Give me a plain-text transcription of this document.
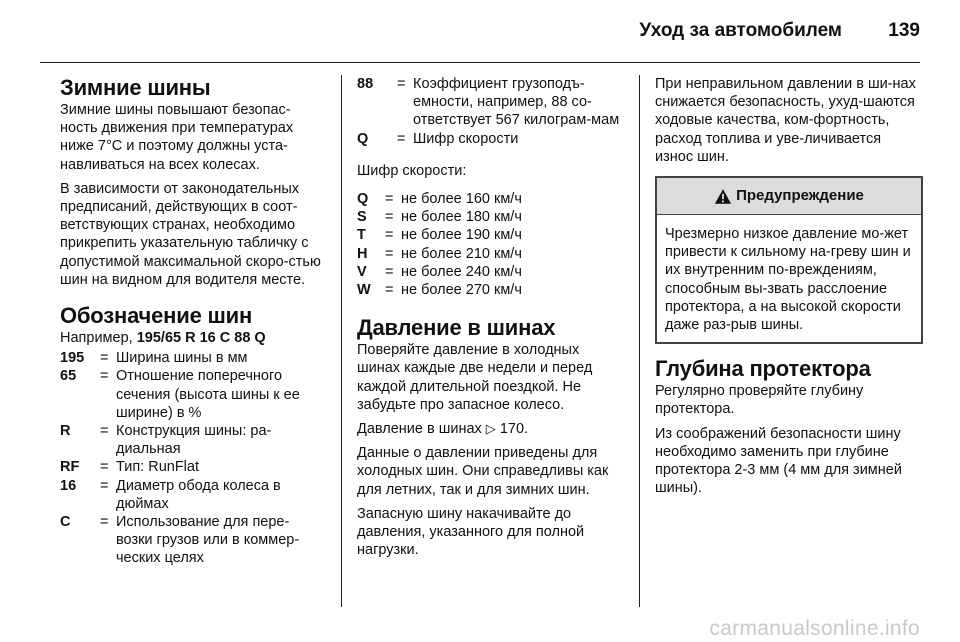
Уход за автомобилем 139
Зимние шины

Зимние шины повышают безопас-ность движения при температурах ниже 7°C и поэтому должны уста-навливаться на всех колесах.

В зависимости от законодательных предписаний, действующих в соот-ветствующих странах, необходимо прикрепить указательную табличку с допустимой максимальной скоро-стью шин на видном для водителя месте.

Обозначение шин

Например, 195/65 R 16 C 88 Q

195	= Ширина шины в мм
65	= Отношение поперечного сечения (высота шины к ее ширине) в %
R	= Конструкция шины: ра-диальная
RF	= Тип: RunFlat
16	= Диаметр обода колеса в дюймах
C	= Использование для пере-возки грузов или в коммер-ческих целях
88	= Коэффициент грузоподъ-емности, например, 88 со-ответствует 567 килограм-мам
Q	= Шифр скорости

Шифр скорости:

Q	= не более 160 км/ч
S	= не более 180 км/ч
T	= не более 190 км/ч
H	= не более 210 км/ч
V	= не более 240 км/ч
W = не более 270 км/ч
Давление в шинах

Поверяйте давление в холодных шинах каждые две недели и перед каждой длительной поездкой. Не забудьте про запасное колесо.

Давление в шинах ▷ 170.

Данные о давлении приведены для холодных шин. Они справедливы как для летних, так и для зимних шин.

Запасную шину накачивайте до давления, указанного для полной нагрузки.

При неправильном давлении в ши-нах снижается безопасность, ухуд-шаются ходовые качества, ком-фортность, расход топлива и уве-личивается износ шин.

Предупреждение
Чрезмерно низкое давление мо-жет привести к сильному на-греву шин и их внутренним по-вреждениям, способным вы-звать расслоение протектора, а на высокой скорости даже раз-рыв шины.
Глубина протектора

Регулярно проверяйте глубину протектора.

Из соображений безопасности шину необходимо заменить при глубине протектора 2-3 мм (4 мм для зимней шины).

carmanualsonline.info
